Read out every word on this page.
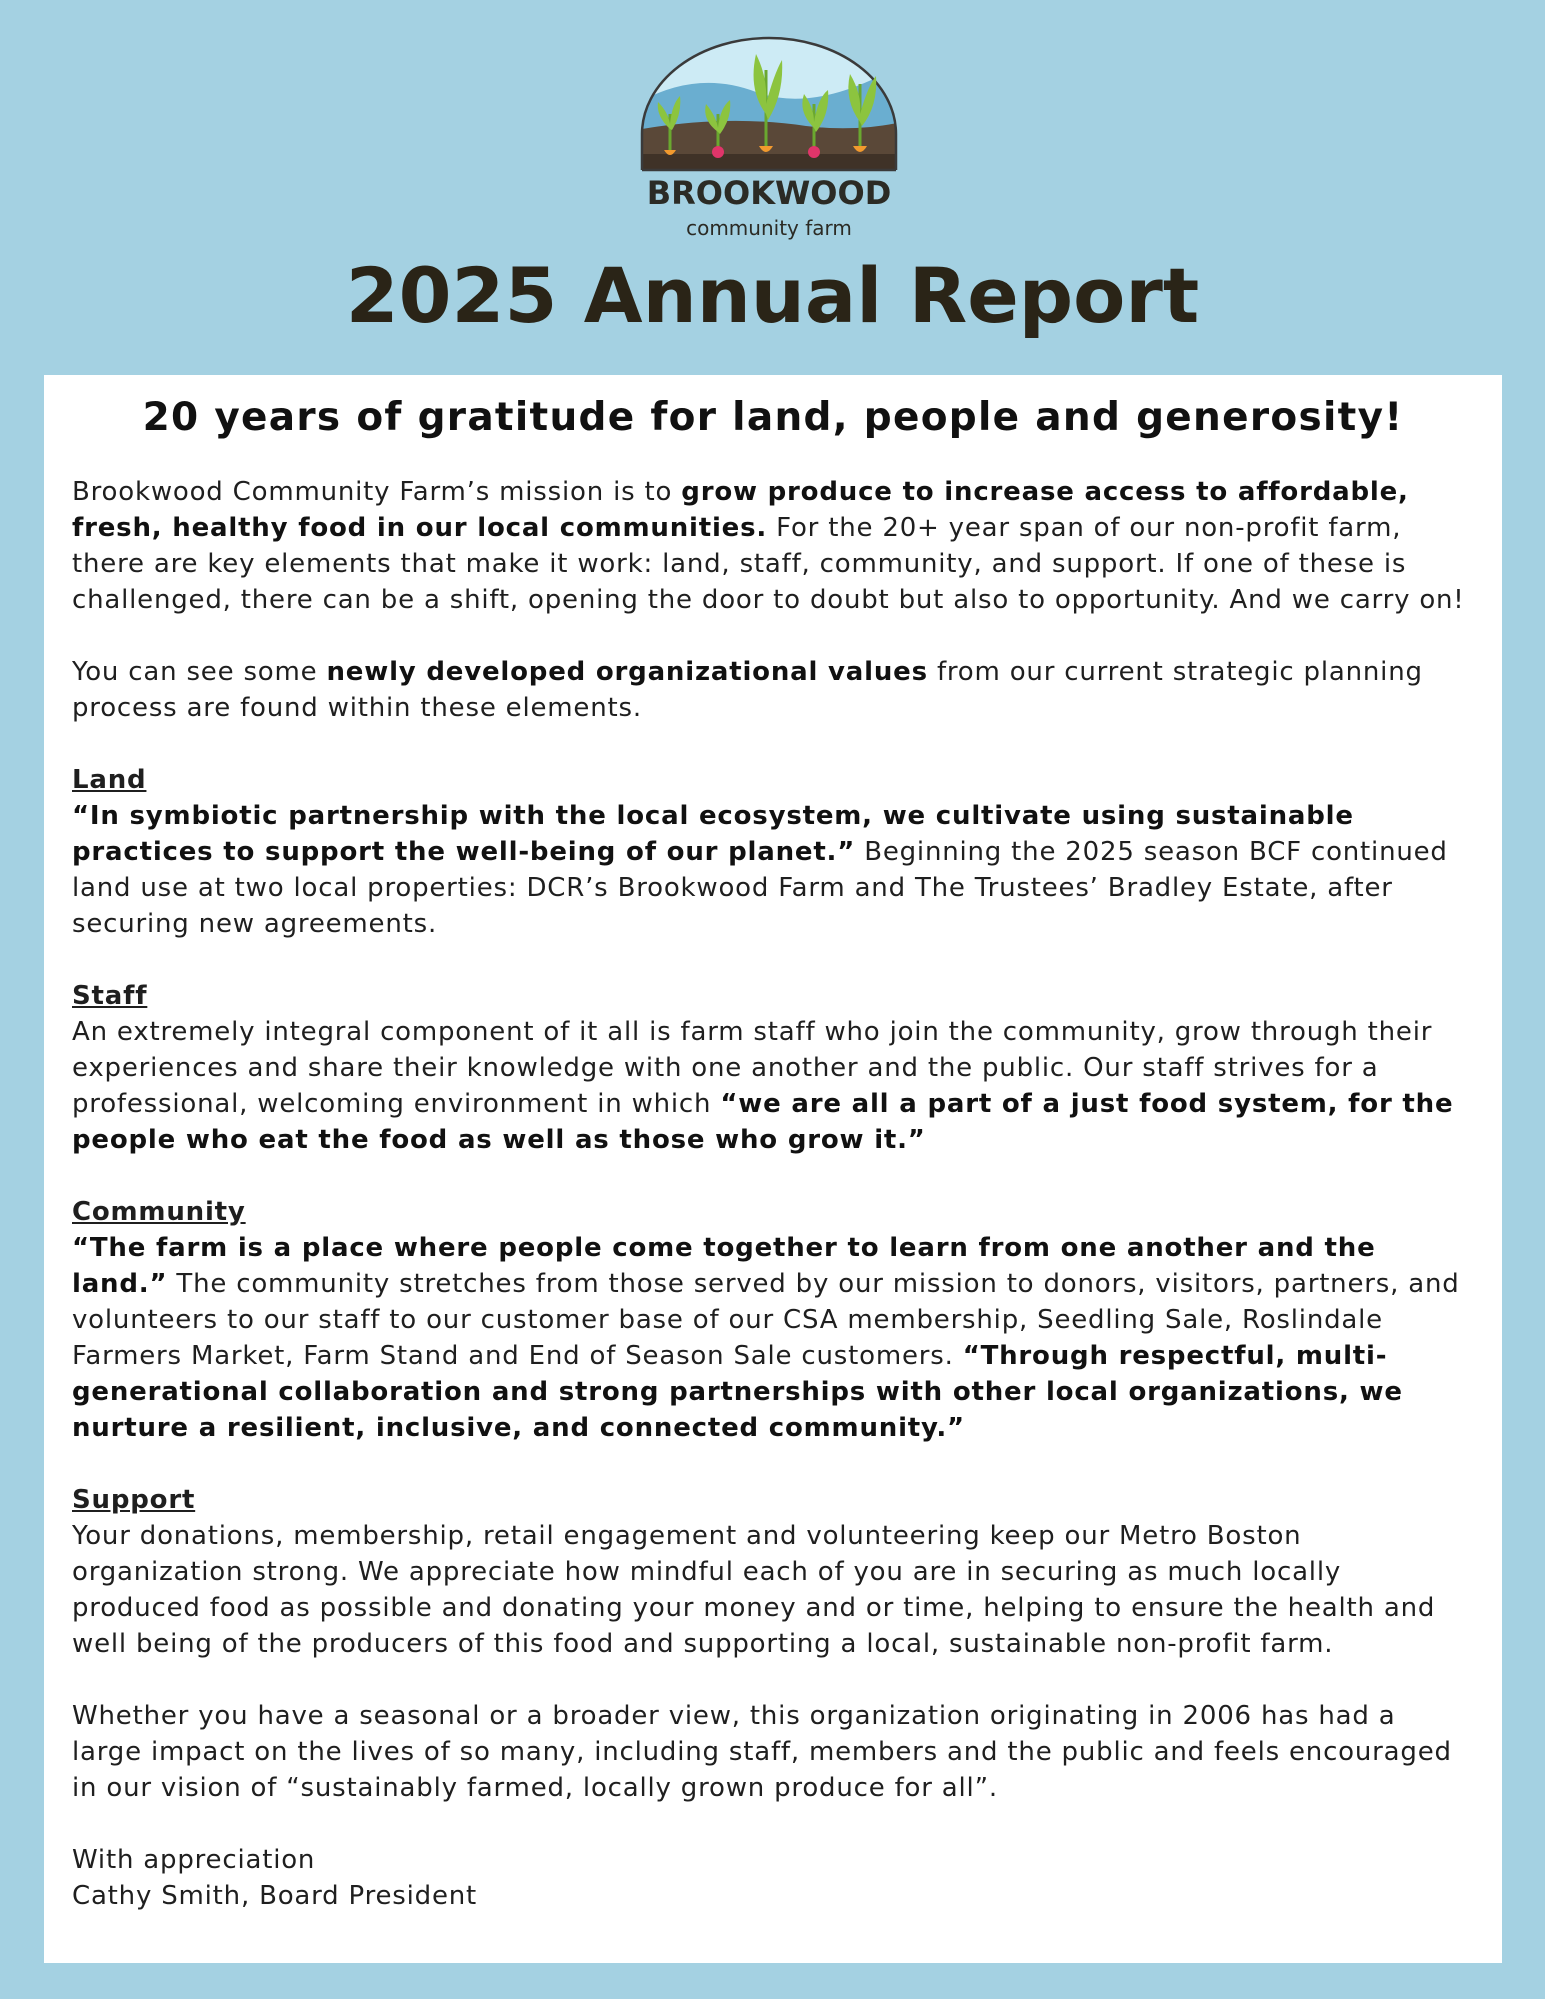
BROOKWOOD
community farm
2025 Annual Report
20 years of gratitude for land, people and generosity!

Brookwood Community Farm’s mission is to grow produce to increase access to affordable, fresh, healthy food in our local communities. For the 20+ year span of our non-profit farm, there are key elements that make it work: land, staff, community, and support. If one of these is challenged, there can be a shift, opening the door to doubt but also to opportunity. And we carry on!

You can see some newly developed organizational values from our current strategic planning process are found within these elements.

Land
“In symbiotic partnership with the local ecosystem, we cultivate using sustainable practices to support the well-being of our planet.” Beginning the 2025 season BCF continued land use at two local properties: DCR’s Brookwood Farm and The Trustees’ Bradley Estate, after securing new agreements.

Staff
An extremely integral component of it all is farm staff who join the community, grow through their experiences and share their knowledge with one another and the public. Our staff strives for a professional, welcoming environment in which “we are all a part of a just food system, for the people who eat the food as well as those who grow it.”

Community
“The farm is a place where people come together to learn from one another and the land.” The community stretches from those served by our mission to donors, visitors, partners, and volunteers to our staff to our customer base of our CSA membership, Seedling Sale, Roslindale Farmers Market, Farm Stand and End of Season Sale customers. “Through respectful, multi-generational collaboration and strong partnerships with other local organizations, we nurture a resilient, inclusive, and connected community.”

Support
Your donations, membership, retail engagement and volunteering keep our Metro Boston organization strong. We appreciate how mindful each of you are in securing as much locally produced food as possible and donating your money and or time, helping to ensure the health and well being of the producers of this food and supporting a local, sustainable non-profit farm.

Whether you have a seasonal or a broader view, this organization originating in 2006 has had a large impact on the lives of so many, including staff, members and the public and feels encouraged in our vision of “sustainably farmed, locally grown produce for all”.

With appreciation
Cathy Smith, Board President
